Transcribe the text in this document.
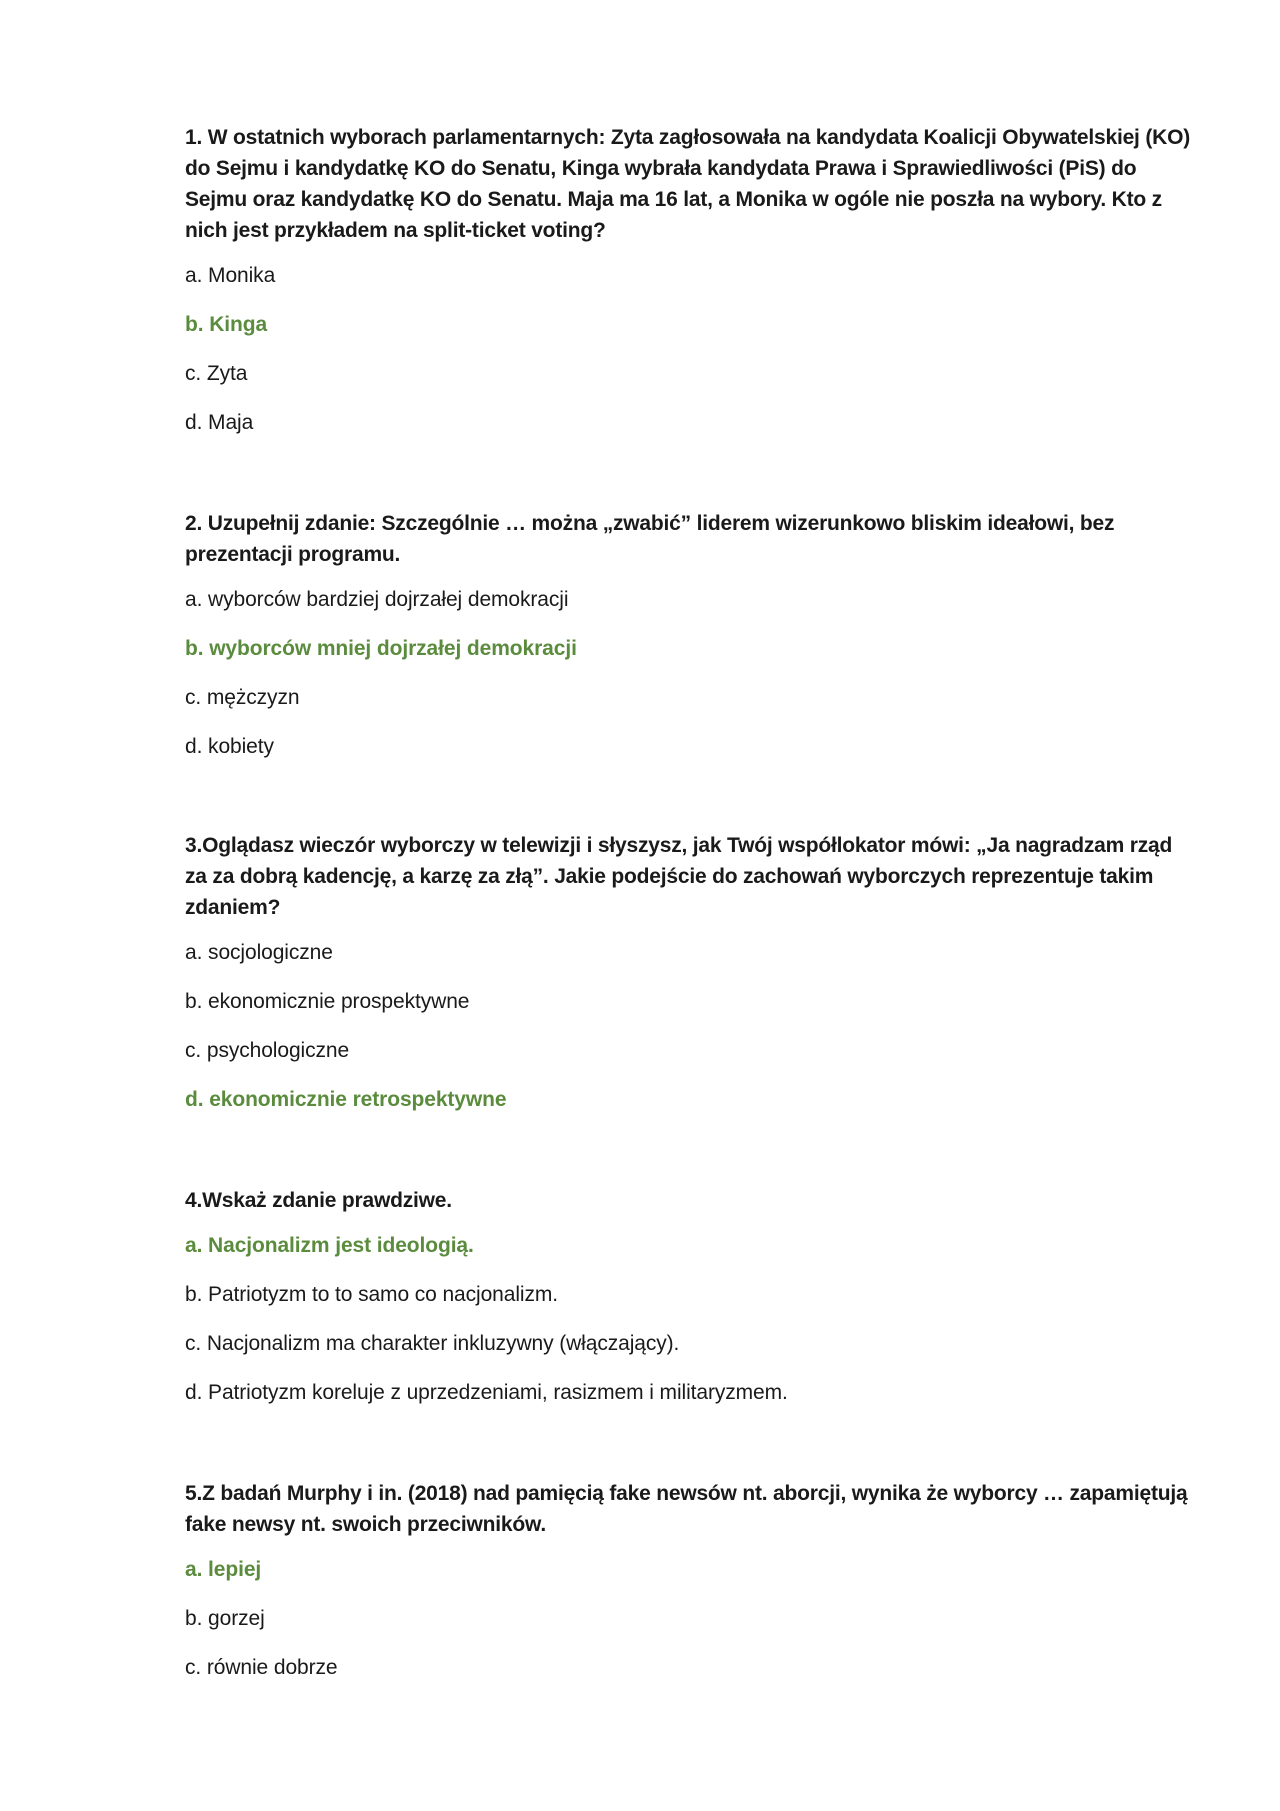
1. W ostatnich wyborach parlamentarnych: Zyta zagłosowała na kandydata Koalicji Obywatelskiej (KO) do Sejmu i kandydatkę KO do Senatu, Kinga wybrała kandydata Prawa i Sprawiedliwości (PiS) do Sejmu oraz kandydatkę KO do Senatu. Maja ma 16 lat, a Monika w ogóle nie poszła na wybory. Kto z nich jest przykładem na split-ticket voting?

a. Monika

b. Kinga

c. Zyta

d. Maja

2. Uzupełnij zdanie: Szczególnie … można „zwabić” liderem wizerunkowo bliskim ideałowi, bez prezentacji programu.

a. wyborców bardziej dojrzałej demokracji

b. wyborców mniej dojrzałej demokracji

c. mężczyzn

d. kobiety

3.Oglądasz wieczór wyborczy w telewizji i słyszysz, jak Twój współlokator mówi: „Ja nagradzam rząd za za dobrą kadencję, a karzę za złą”. Jakie podejście do zachowań wyborczych reprezentuje takim zdaniem?

a. socjologiczne

b. ekonomicznie prospektywne

c. psychologiczne

d. ekonomicznie retrospektywne

4.Wskaż zdanie prawdziwe.

a. Nacjonalizm jest ideologią.

b. Patriotyzm to to samo co nacjonalizm.

c. Nacjonalizm ma charakter inkluzywny (włączający).

d. Patriotyzm koreluje z uprzedzeniami, rasizmem i militaryzmem.

5.Z badań Murphy i in. (2018) nad pamięcią fake newsów nt. aborcji, wynika że wyborcy … zapamiętują fake newsy nt. swoich przeciwników.

a. lepiej

b. gorzej

c. równie dobrze
